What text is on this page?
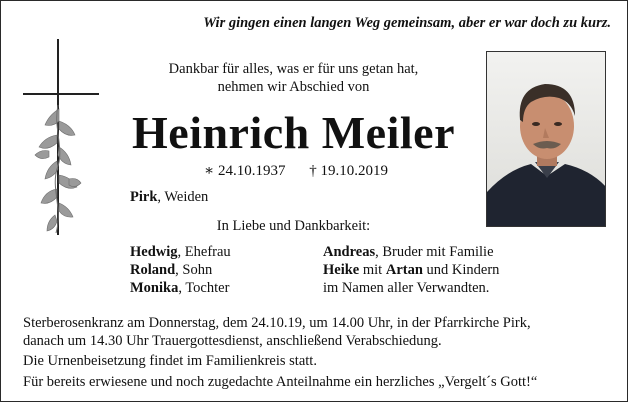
Wir gingen einen langen Weg gemeinsam, aber er war doch zu kurz.
Dankbar für alles, was er für uns getan hat,
nehmen wir Abschied von
Heinrich Meiler
∗ 24.10.1937 † 19.10.2019
Pirk, Weiden
In Liebe und Dankbarkeit:
Hedwig, Ehefrau
Roland, Sohn
Monika, Tochter
Andreas, Bruder mit Familie
Heike mit Artan und Kindern
im Namen aller Verwandten.

Sterberosenkranz am Donnerstag, dem 24.10.19, um 14.00 Uhr, in der Pfarrkirche Pirk,

danach um 14.30 Uhr Trauergottesdienst, anschließend Verabschiedung.

Die Urnenbeisetzung findet im Familienkreis statt.

Für bereits erwiesene und noch zugedachte Anteilnahme ein herzliches „Vergelt´s Gott!“
